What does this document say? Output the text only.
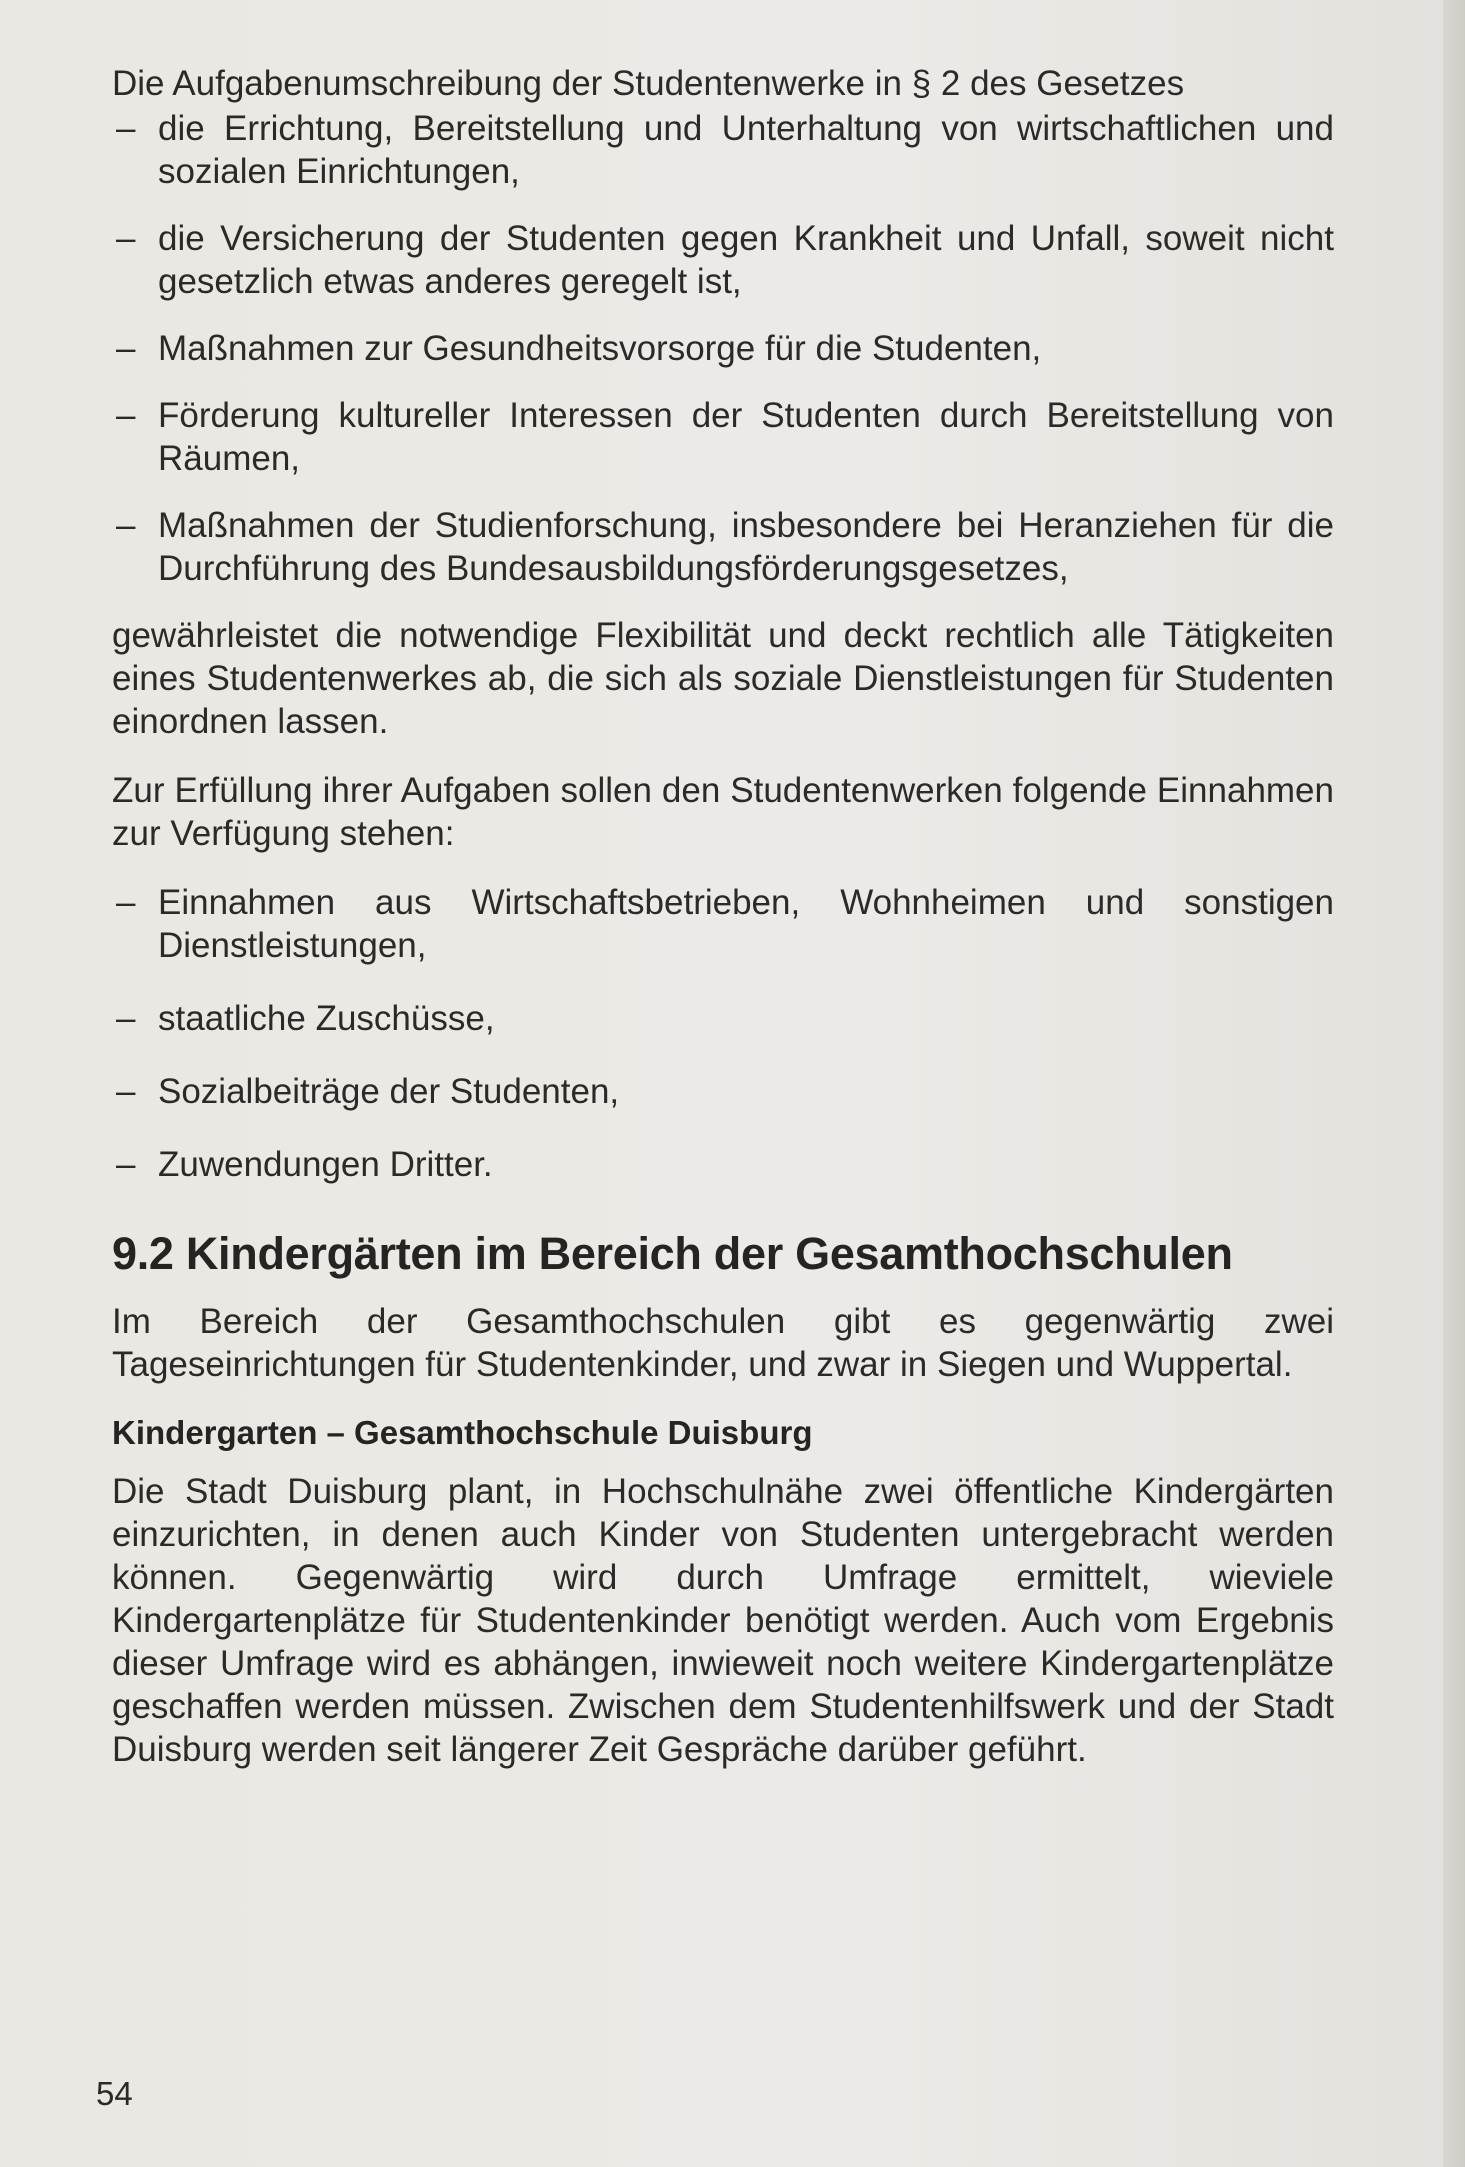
Die Aufgabenumschreibung der Studentenwerke in § 2 des Gesetzes

– die Errichtung, Bereitstellung und Unterhaltung von wirtschaftlichen und sozialen Einrichtungen,
– die Versicherung der Studenten gegen Krankheit und Unfall, soweit nicht gesetzlich etwas anderes geregelt ist,
– Maßnahmen zur Gesundheitsvorsorge für die Studenten,
– Förderung kultureller Interessen der Studenten durch Bereitstellung von Räumen,
– Maßnahmen der Studienforschung, insbesondere bei Heranziehen für die Durchführung des Bundesausbildungsförderungsgesetzes,

gewährleistet die notwendige Flexibilität und deckt rechtlich alle Tätigkeiten eines Studentenwerkes ab, die sich als soziale Dienstleistungen für Studenten einordnen lassen.

Zur Erfüllung ihrer Aufgaben sollen den Studentenwerken folgende Einnahmen zur Verfügung stehen:

– Einnahmen aus Wirtschaftsbetrieben, Wohnheimen und sonstigen Dienstleistungen,
– staatliche Zuschüsse,
– Sozialbeiträge der Studenten,
– Zuwendungen Dritter.
9.2 Kindergärten im Bereich der Gesamthochschulen

Im Bereich der Gesamthochschulen gibt es gegenwärtig zwei Tageseinrichtungen für Studentenkinder, und zwar in Siegen und Wuppertal.

Kindergarten – Gesamthochschule Duisburg

Die Stadt Duisburg plant, in Hochschulnähe zwei öffentliche Kindergärten einzurichten, in denen auch Kinder von Studenten untergebracht werden können. Gegenwärtig wird durch Umfrage ermittelt, wieviele Kindergartenplätze für Studentenkinder benötigt werden. Auch vom Ergebnis dieser Umfrage wird es abhängen, inwieweit noch weitere Kindergartenplätze geschaffen werden müssen. Zwischen dem Studentenhilfswerk und der Stadt Duisburg werden seit längerer Zeit Gespräche darüber geführt.

54
